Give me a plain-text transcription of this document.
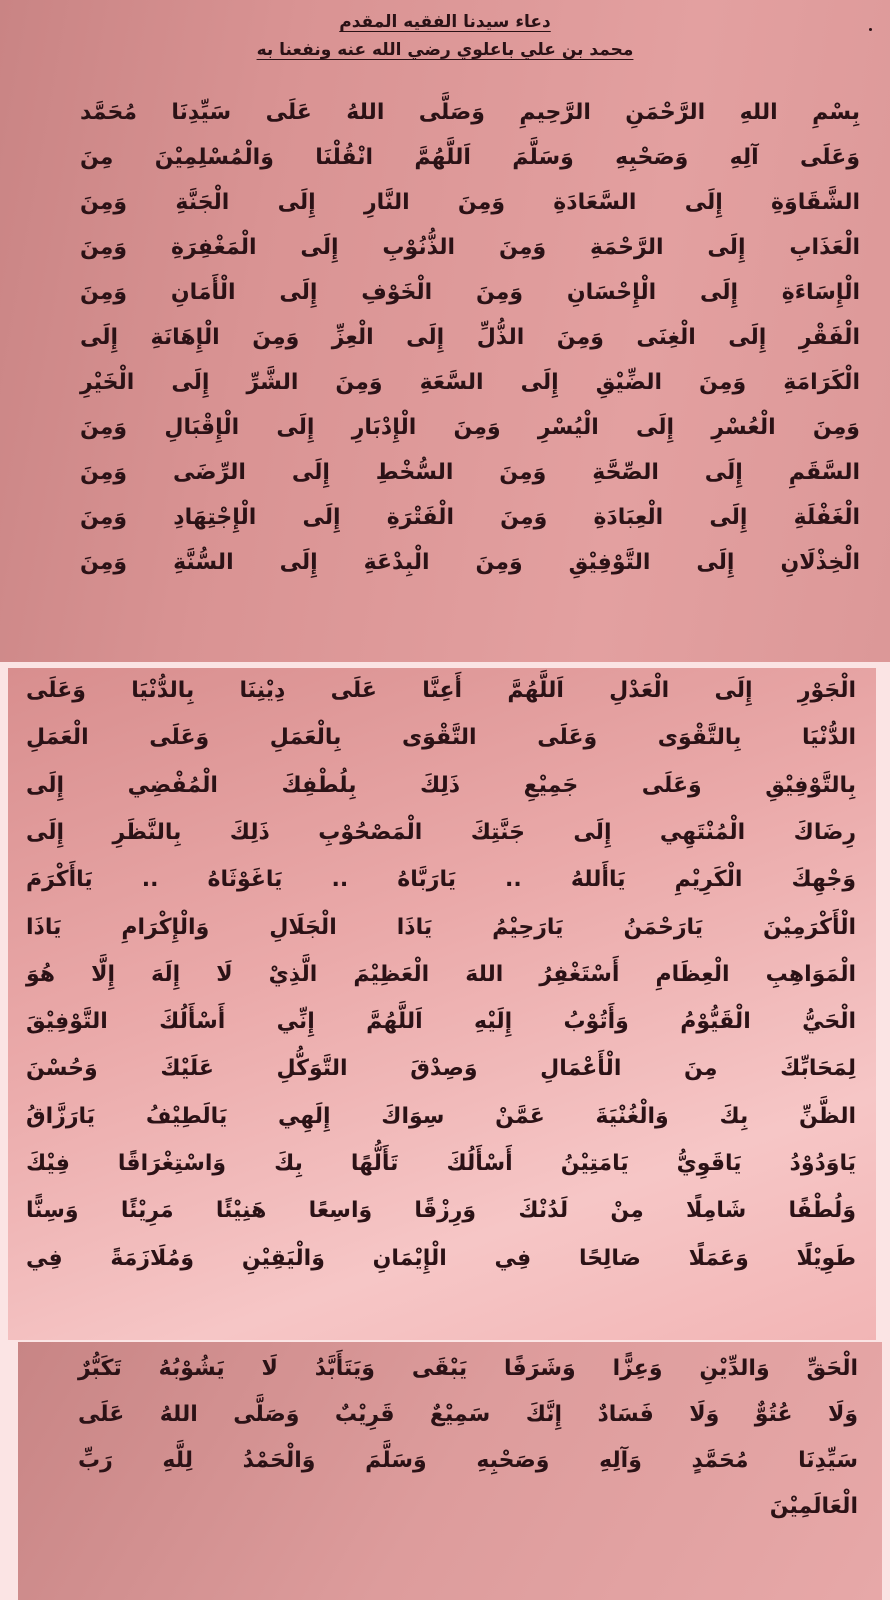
دعاء سيدنا الفقيه المقدم
محمد بن علي باعلوي رضي الله عنه ونفعنا به
بِسْمِ اللهِ الرَّحْمَنِ الرَّحِيمِ وَصَلَّى اللهُ عَلَى سَيِّدِنَا مُحَمَّد
وَعَلَى آلِهِ وَصَحْبِهِ وَسَلَّمَ اَللَّهُمَّ انْقُلْنَا وَالْمُسْلِمِيْنَ مِنَ
الشَّقَاوَةِ إِلَى السَّعَادَةِ وَمِنَ النَّارِ إِلَى الْجَنَّةِ وَمِنَ
الْعَذَابِ إِلَى الرَّحْمَةِ وَمِنَ الذُّنُوْبِ إِلَى الْمَغْفِرَةِ وَمِنَ
الْإِسَاءَةِ إِلَى الْإِحْسَانِ وَمِنَ الْخَوْفِ إِلَى الْأَمَانِ وَمِنَ
الْفَقْرِ إِلَى الْغِنَى وَمِنَ الذُّلِّ إِلَى الْعِزِّ وَمِنَ الْإِهَانَةِ إِلَى
الْكَرَامَةِ وَمِنَ الضِّيْقِ إِلَى السَّعَةِ وَمِنَ الشَّرِّ إِلَى الْخَيْرِ
وَمِنَ الْعُسْرِ إِلَى الْيُسْرِ وَمِنَ الْإِدْبَارِ إِلَى الْإِقْبَالِ وَمِنَ
السَّقَمِ إِلَى الصِّحَّةِ وَمِنَ السُّخْطِ إِلَى الرِّضَى وَمِنَ
الْغَفْلَةِ إِلَى الْعِبَادَةِ وَمِنَ الْفَتْرَةِ إِلَى الْإِجْتِهَادِ وَمِنَ
الْخِذْلَانِ إِلَى التَّوْفِيْقِ وَمِنَ الْبِدْعَةِ إِلَى السُّنَّةِ وَمِنَ
الْجَوْرِ إِلَى الْعَدْلِ اَللَّهُمَّ أَعِنَّا عَلَى دِيْنِنَا بِالدُّنْيَا وَعَلَى
الدُّنْيَا بِالتَّقْوَى وَعَلَى التَّقْوَى بِالْعَمَلِ وَعَلَى الْعَمَلِ
بِالتَّوْفِيْقِ وَعَلَى جَمِيْعِ ذَلِكَ بِلُطْفِكَ الْمُفْضِي إِلَى
رِضَاكَ الْمُنْتَهِي إِلَى جَنَّتِكَ الْمَصْحُوْبِ ذَلِكَ بِالنَّظَرِ إِلَى
وَجْهِكَ الْكَرِيْمِ يَاأَللهُ .. يَارَبَّاهُ .. يَاغَوْثَاهُ .. يَاأَكْرَمَ
الْأَكْرَمِيْنَ يَارَحْمَنُ يَارَحِيْمُ يَاذَا الْجَلَالِ وَالْإِكْرَامِ يَاذَا
الْمَوَاهِبِ الْعِظَامِ أَسْتَغْفِرُ اللهَ الْعَظِيْمَ الَّذِيْ لَا إِلَهَ إِلَّا هُوَ
الْحَيُّ الْقَيُّوْمُ وَأَتُوْبُ إِلَيْهِ اَللَّهُمَّ إِنِّي أَسْأَلُكَ التَّوْفِيْقَ
لِمَحَابِّكَ مِنَ الْأَعْمَالِ وَصِدْقَ التَّوَكُّلِ عَلَيْكَ وَحُسْنَ
الظَّنِّ بِكَ وَالْغُنْيَةَ عَمَّنْ سِوَاكَ إِلَهِي يَالَطِيْفُ يَارَزَّاقُ
يَاوَدُوْدُ يَاقَوِيُّ يَامَتِيْنُ أَسْأَلُكَ تَأَلُّهًا بِكَ وَاسْتِغْرَاقًا فِيْكَ
وَلُطْفًا شَامِلًا مِنْ لَدُنْكَ وَرِزْقًا وَاسِعًا هَنِيْئًا مَرِيْئًا وَسِنًّا
طَوِيْلًا وَعَمَلًا صَالِحًا فِي الْإِيْمَانِ وَالْيَقِيْنِ وَمُلَازَمَةً فِي
الْحَقِّ وَالدِّيْنِ وَعِزًّا وَشَرَفًا يَبْقَى وَيَتَأَبَّدُ لَا يَشُوْبُهُ تَكَبُّرٌ
وَلَا عُتُوٌّ وَلَا فَسَادٌ إِنَّكَ سَمِيْعٌ قَرِيْبٌ وَصَلَّى اللهُ عَلَى
سَيِّدِنَا مُحَمَّدٍ وَآلِهِ وَصَحْبِهِ وَسَلَّمَ وَالْحَمْدُ لِلَّهِ رَبِّ
الْعَالَمِيْنَ
